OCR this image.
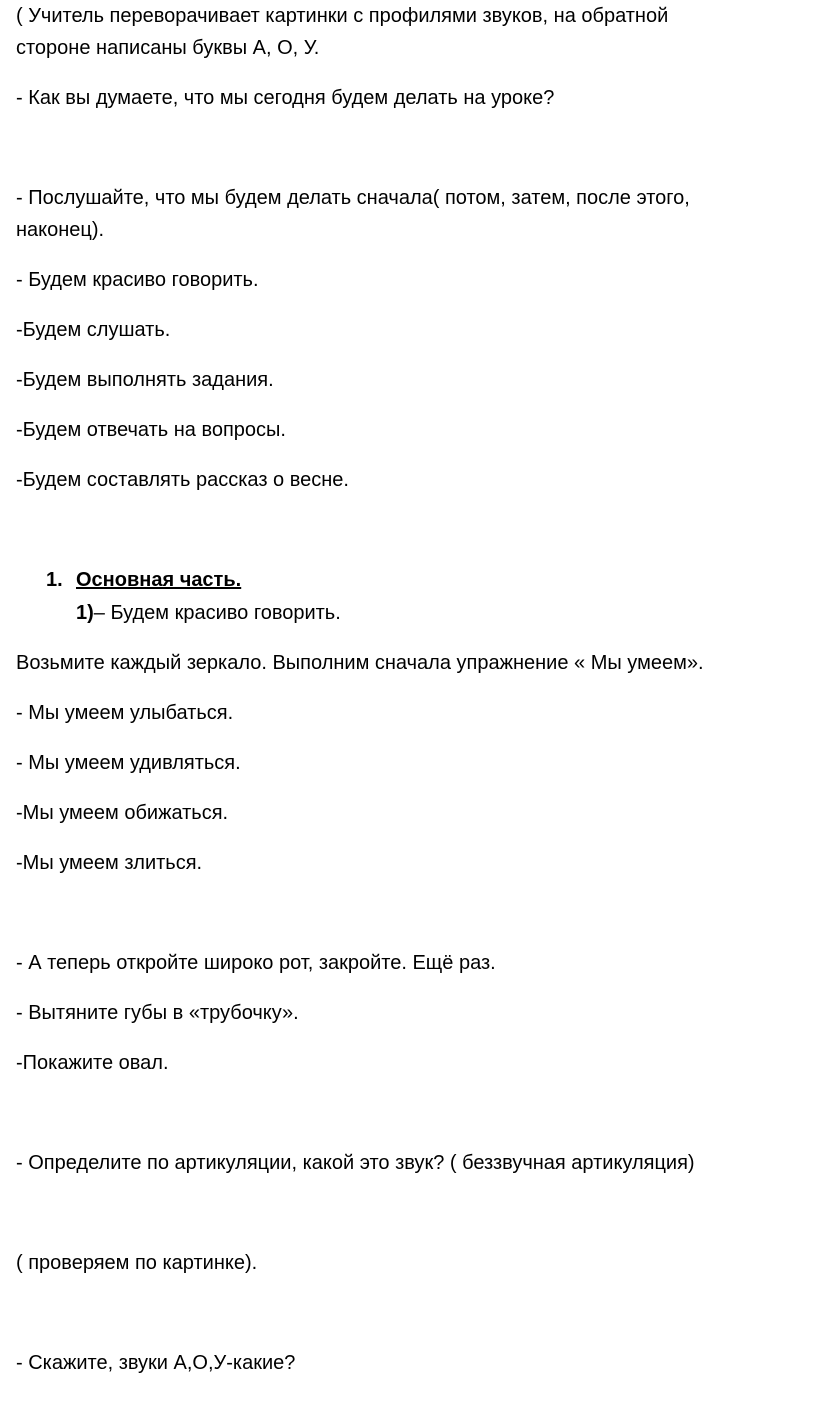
( Учитель переворачивает картинки с профилями звуков, на обратной
стороне написаны буквы А, О, У.
- Как вы думаете, что мы сегодня будем делать на уроке?
- Послушайте, что мы будем делать сначала( потом, затем, после этого,
наконец).
- Будем красиво говорить.
-Будем слушать.
-Будем выполнять задания.
-Будем отвечать на вопросы.
-Будем составлять рассказ о весне.
1. Основная часть.
1)– Будем красиво говорить.
Возьмите каждый зеркало. Выполним сначала упражнение « Мы умеем».
- Мы умеем улыбаться.
- Мы умеем удивляться.
-Мы умеем обижаться.
-Мы умеем злиться.
- А теперь откройте широко рот, закройте. Ещё раз.
- Вытяните губы в «трубочку».
-Покажите овал.
- Определите по артикуляции, какой это звук? ( беззвучная артикуляция)
( проверяем по картинке).
- Скажите, звуки А,О,У-какие?
